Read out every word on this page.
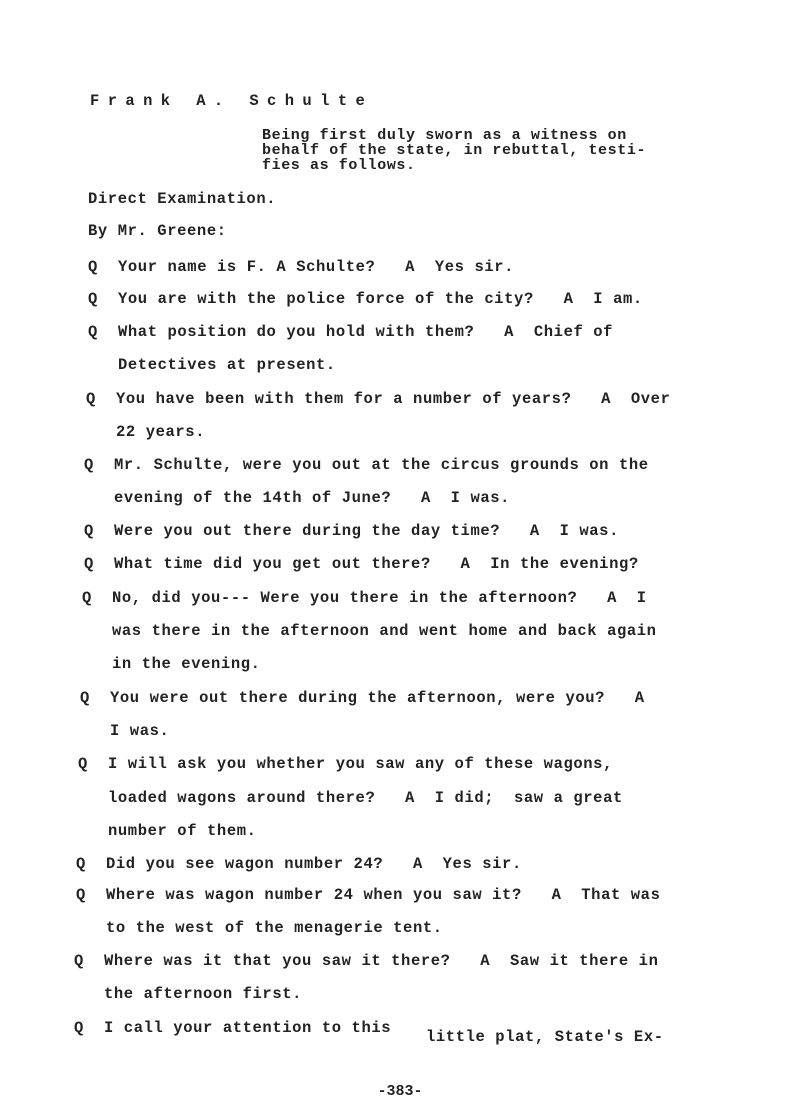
Frank A. Schulte
Being first duly sworn as a witness on
behalf of the state, in rebuttal, testi-
fies as follows.
Direct Examination.
By Mr. Greene:
Q Your name is F. A Schulte?   A  Yes sir.
Q You are with the police force of the city?   A  I am.
Q What position do you hold with them?   A  Chief of
Detectives at present.
Q You have been with them for a number of years?   A  Over
22 years.
Q Mr. Schulte, were you out at the circus grounds on the
evening of the 14th of June?   A  I was.
Q Were you out there during the day time?   A  I was.
Q What time did you get out there?   A  In the evening?
Q No, did you--- Were you there in the afternoon?   A  I
was there in the afternoon and went home and back again
in the evening.
Q You were out there during the afternoon, were you?   A
I was.
Q I will ask you whether you saw any of these wagons,
loaded wagons around there?   A  I did;  saw a great
number of them.
Q Did you see wagon number 24?   A  Yes sir.
Q Where was wagon number 24 when you saw it?   A  That was
to the west of the menagerie tent.
Q Where was it that you saw it there?   A  Saw it there in
the afternoon first.
Q I call your attention to this little plat, State's Ex-
-383-
